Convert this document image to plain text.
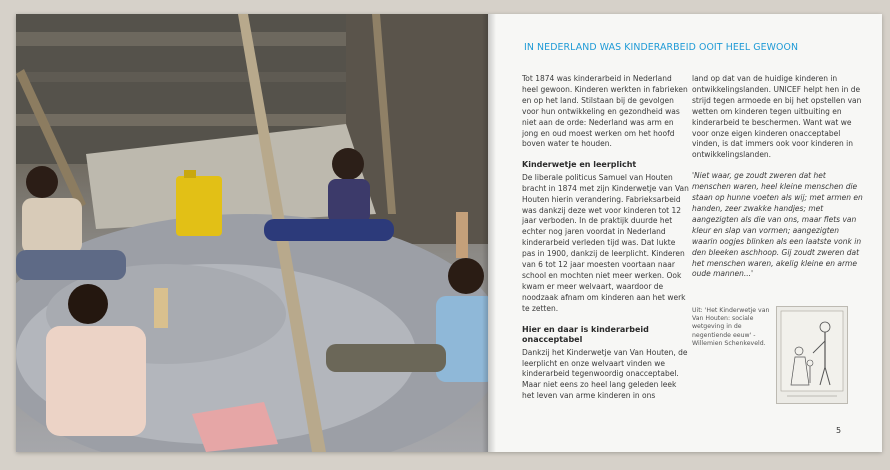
IN NEDERLAND WAS KINDERARBEID OOIT HEEL GEWOON

Tot 1874 was kinderarbeid in Nederland heel gewoon. Kinderen werkten in fabrieken en op het land. Stilstaan bij de gevolgen voor hun ontwikkeling en gezondheid was niet aan de orde: Nederland was arm en jong en oud moest werken om het hoofd boven water te houden.

Kinderwetje en leerplicht

De liberale politicus Samuel van Houten bracht in 1874 met zijn Kinderwetje van Van Houten hierin verandering. Fabrieksarbeid was dankzij deze wet voor kinderen tot 12 jaar verboden. In de praktijk duurde het echter nog jaren voordat in Nederland kinderarbeid verleden tijd was. Dat lukte pas in 1900, dankzij de leerplicht. Kinderen van 6 tot 12 jaar moesten voortaan naar school en mochten niet meer werken. Ook kwam er meer welvaart, waardoor de noodzaak afnam om kinderen aan het werk te zetten.

Hier en daar is kinderarbeid onacceptabel

Dankzij het Kinderwetje van Van Houten, de leerplicht en onze welvaart vinden we kinderarbeid tegenwoordig onacceptabel. Maar niet eens zo heel lang geleden leek het leven van arme kinderen in ons

land op dat van de huidige kinderen in ontwikkelingslanden. UNICEF helpt hen in de strijd tegen armoede en bij het opstellen van wetten om kinderen tegen uitbuiting en kinderarbeid te beschermen. Want wat we voor onze eigen kinderen onacceptabel vinden, is dat immers ook voor kinderen in ontwikkelingslanden.

'Niet waar, ge zoudt zweren dat het menschen waren, heel kleine menschen die staan op hunne voeten als wij; met armen en handen, zeer zwakke handjes; met aangezigten als die van ons, maar flets van kleur en slap van vormen; aangezigten waarin oogjes blinken als een laatste vonk in den bleeken aschhoop. Gij zoudt zweren dat het menschen waren, akelig kleine en arme oude mannen...'

Uit: 'Het Kinderwetje van Van Houten: sociale wetgeving in de negentiende eeuw' - Willemien Schenkeveld.
5
